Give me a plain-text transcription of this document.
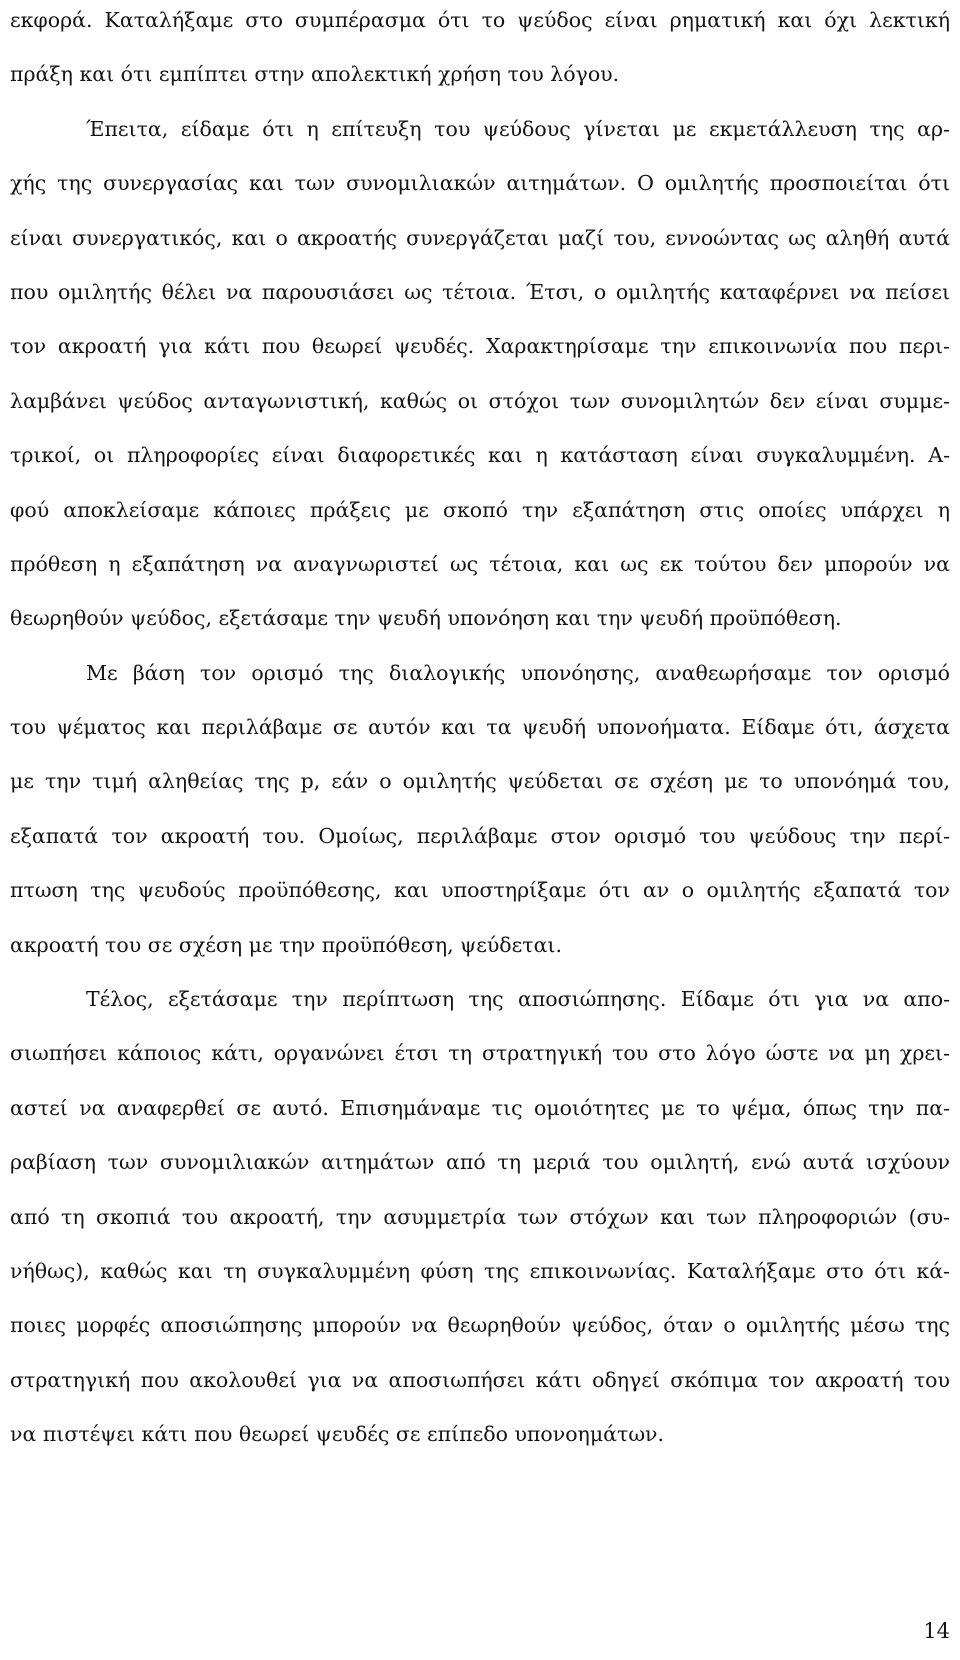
εκφορά. Καταλήξαμε στο συμπέρασμα ότι το ψεύδος είναι ρηματική και όχι λεκτική
πράξη και ότι εμπίπτει στην απολεκτική χρήση του λόγου.
Έπειτα, είδαμε ότι η επίτευξη του ψεύδους γίνεται με εκμετάλλευση της αρ-
χής της συνεργασίας και των συνομιλιακών αιτημάτων. Ο ομιλητής προσποιείται ότι
είναι συνεργατικός, και ο ακροατής συνεργάζεται μαζί του, εννοώντας ως αληθή αυτά
που ομιλητής θέλει να παρουσιάσει ως τέτοια. Έτσι, ο ομιλητής καταφέρνει να πείσει
τον ακροατή για κάτι που θεωρεί ψευδές. Χαρακτηρίσαμε την επικοινωνία που περι-
λαμβάνει ψεύδος ανταγωνιστική, καθώς οι στόχοι των συνομιλητών δεν είναι συμμε-
τρικοί, οι πληροφορίες είναι διαφορετικές και η κατάσταση είναι συγκαλυμμένη. Α-
φού αποκλείσαμε κάποιες πράξεις με σκοπό την εξαπάτηση στις οποίες υπάρχει η
πρόθεση η εξαπάτηση να αναγνωριστεί ως τέτοια, και ως εκ τούτου δεν μπορούν να
θεωρηθούν ψεύδος, εξετάσαμε την ψευδή υπονόηση και την ψευδή προϋπόθεση.
Με βάση τον ορισμό της διαλογικής υπονόησης, αναθεωρήσαμε τον ορισμό
του ψέματος και περιλάβαμε σε αυτόν και τα ψευδή υπονοήματα. Είδαμε ότι, άσχετα
με την τιμή αληθείας της p, εάν ο ομιλητής ψεύδεται σε σχέση με το υπονόημά του,
εξαπατά τον ακροατή του. Ομοίως, περιλάβαμε στον ορισμό του ψεύδους την περί-
πτωση της ψευδούς προϋπόθεσης, και υποστηρίξαμε ότι αν ο ομιλητής εξαπατά τον
ακροατή του σε σχέση με την προϋπόθεση, ψεύδεται.
Τέλος, εξετάσαμε την περίπτωση της αποσιώπησης. Είδαμε ότι για να απο-
σιωπήσει κάποιος κάτι, οργανώνει έτσι τη στρατηγική του στο λόγο ώστε να μη χρει-
αστεί να αναφερθεί σε αυτό. Επισημάναμε τις ομοιότητες με το ψέμα, όπως την πα-
ραβίαση των συνομιλιακών αιτημάτων από τη μεριά του ομιλητή, ενώ αυτά ισχύουν
από τη σκοπιά του ακροατή, την ασυμμετρία των στόχων και των πληροφοριών (συ-
νήθως), καθώς και τη συγκαλυμμένη φύση της επικοινωνίας. Καταλήξαμε στο ότι κά-
ποιες μορφές αποσιώπησης μπορούν να θεωρηθούν ψεύδος, όταν ο ομιλητής μέσω της
στρατηγική που ακολουθεί για να αποσιωπήσει κάτι οδηγεί σκόπιμα τον ακροατή του
να πιστέψει κάτι που θεωρεί ψευδές σε επίπεδο υπονοημάτων.
14
